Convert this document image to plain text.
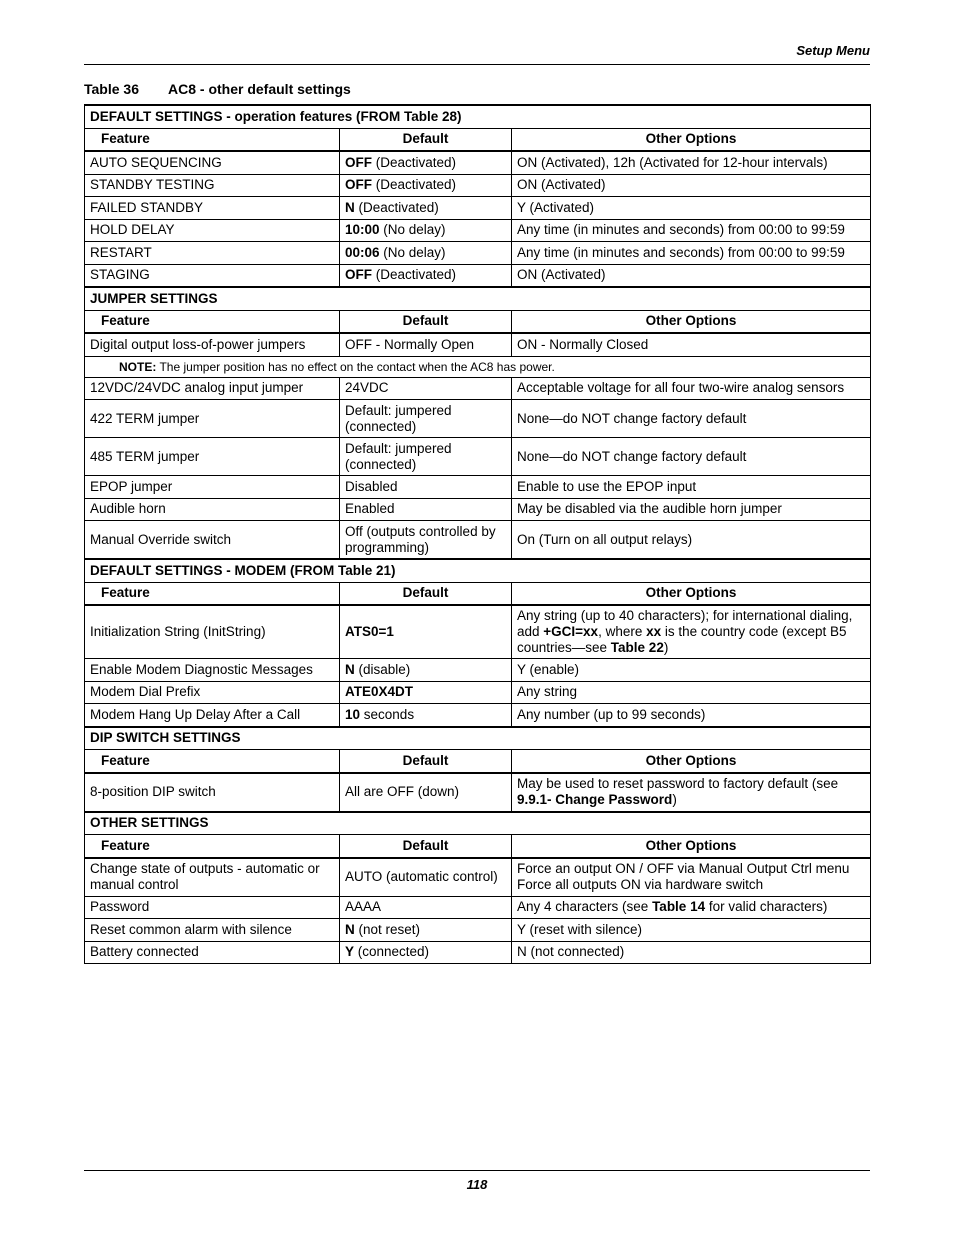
Setup Menu
Table 36 AC8 - other default settings
DEFAULT SETTINGS - operation features (FROM Table 28)		
Feature	Default	Other Options
AUTO SEQUENCING	OFF (Deactivated)	ON (Activated), 12h (Activated for 12-hour intervals)
STANDBY TESTING	OFF (Deactivated)	ON (Activated)
FAILED STANDBY	N (Deactivated)	Y (Activated)
HOLD DELAY	10:00 (No delay)	Any time (in minutes and seconds) from 00:00 to 99:59
RESTART	00:06 (No delay)	Any time (in minutes and seconds) from 00:00 to 99:59
STAGING	OFF (Deactivated)	ON (Activated)
JUMPER SETTINGS		
Feature	Default	Other Options
Digital output loss-of-power jumpers	OFF - Normally Open	ON - Normally Closed
NOTE: The jumper position has no effect on the contact when the AC8 has power.		
12VDC/24VDC analog input jumper	24VDC	Acceptable voltage for all four two-wire analog sensors
422 TERM jumper	Default: jumpered (connected)	None—do NOT change factory default
485 TERM jumper	Default: jumpered (connected)	None—do NOT change factory default
EPOP jumper	Disabled	Enable to use the EPOP input
Audible horn	Enabled	May be disabled via the audible horn jumper
Manual Override switch	Off (outputs controlled by programming)	On (Turn on all output relays)
DEFAULT SETTINGS - MODEM (FROM Table 21)		
Feature	Default	Other Options
Initialization String (InitString)	ATS0=1	Any string (up to 40 characters); for international dialing, add +GCI=xx, where xx is the country code (except B5 countries—see Table 22)
Enable Modem Diagnostic Messages	N (disable)	Y (enable)
Modem Dial Prefix	ATE0X4DT	Any string
Modem Hang Up Delay After a Call	10 seconds	Any number (up to 99 seconds)
DIP SWITCH SETTINGS		
Feature	Default	Other Options
8-position DIP switch	All are OFF (down)	May be used to reset password to factory default (see 9.9.1- Change Password)
OTHER SETTINGS		
Feature	Default	Other Options
Change state of outputs - automatic or manual control	AUTO (automatic control)	Force an output ON / OFF via Manual Output Ctrl menu
Force all outputs ON via hardware switch

Password	AAAA	Any 4 characters (see Table 14 for valid characters)
Reset common alarm with silence	N (not reset)	Y (reset with silence)
Battery connected	Y (connected)	N (not connected)
118
